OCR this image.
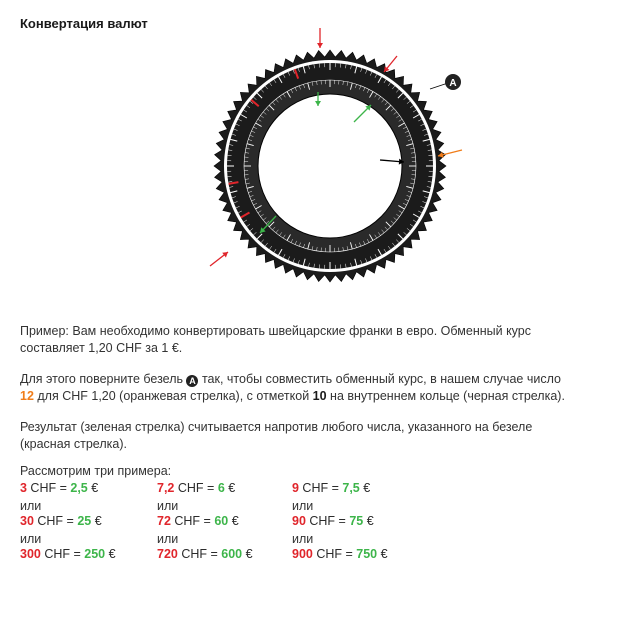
Конвертация валют
A
Пример: Вам необходимо конвертировать швейцарские франки в евро. Обменный курс
составляет 1,20 CHF за 1 €.
Для этого поверните безель A так, чтобы совместить обменный курс, в нашем случае число
12 для CHF 1,20 (оранжевая стрелка), с отметкой 10 на внутреннем кольце (черная стрелка).
Результат (зеленая стрелка) считывается напротив любого числа, указанного на безеле
(красная стрелка).
Рассмотрим три примера:
3 CHF = 2,5 €
или
30 CHF = 25 €
или
300 CHF = 250 €
7,2 CHF = 6 €
или
72 CHF = 60 €
или
720 CHF = 600 €
9 CHF = 7,5 €
или
90 CHF = 75 €
или
900 CHF = 750 €
